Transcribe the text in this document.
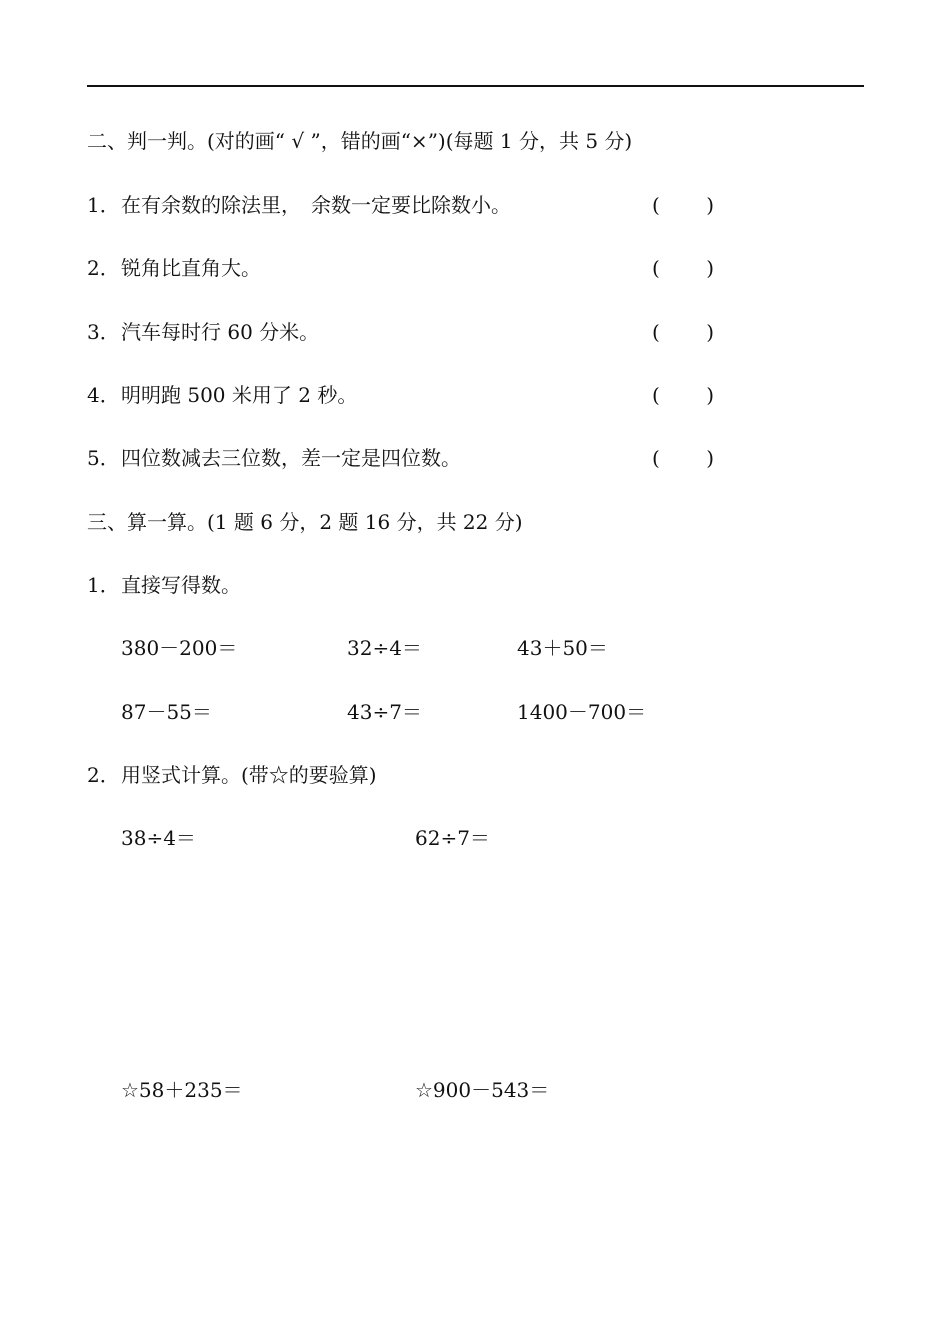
二、判一判。(对的画“ √ ”，错的画“×”)(每题 1 分，共 5 分)
1．在有余数的除法里，　余数一定要比除数小。	( )
2．锐角比直角大。	( )
3．汽车每时行 60 分米。	( )
4．明明跑 500 米用了 2 秒。	( )
5．四位数减去三位数，差一定是四位数。	( )
三、算一算。(1 题 6 分，2 题 16 分，共 22 分)
1．直接写得数。
380－200＝	32÷4＝	43＋50＝
87－55＝	43÷7＝	1400－700＝
2．用竖式计算。(带☆的要验算)
38÷4＝	62÷7＝
☆58＋235＝	☆900－543＝
